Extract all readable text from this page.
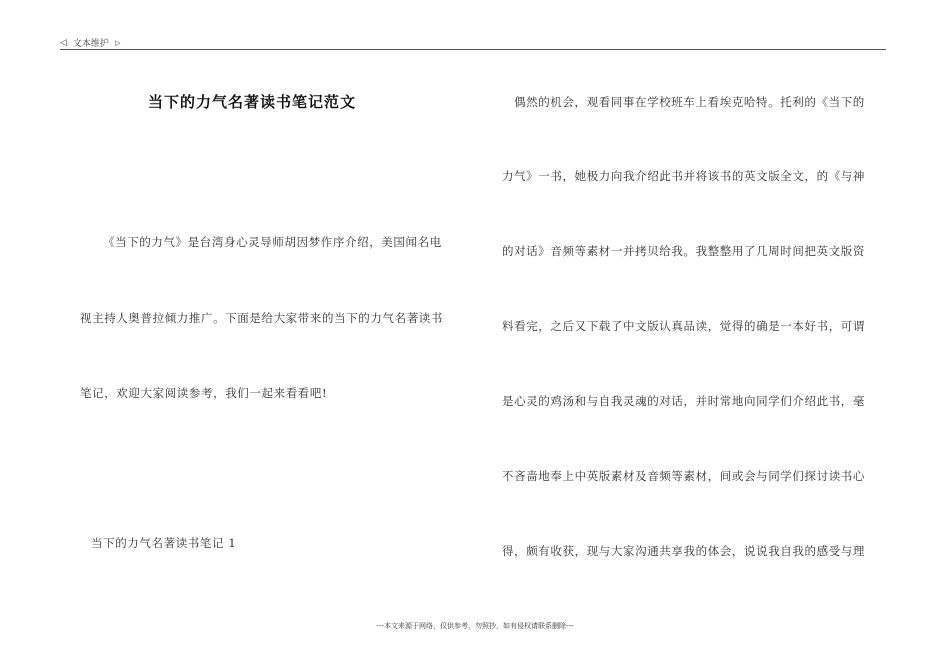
◁ 文本维护 ▷
当下的力气名著读书笔记范文
《当下的力气》是台湾身心灵导师胡因梦作序介绍，美国闻名电
视主持人奥普拉倾力推广。下面是给大家带来的当下的力气名著读书
笔记，欢迎大家阅读参考，我们一起来看看吧!
当下的力气名著读书笔记 1
偶然的机会，观看同事在学校班车上看埃克哈特。托利的《当下的
力气》一书，她极力向我介绍此书并将该书的英文版全文，的《与神
的对话》音频等素材一并拷贝给我。我整整用了几周时间把英文版资
料看完，之后又下载了中文版认真品读，觉得的确是一本好书，可谓
是心灵的鸡汤和与自我灵魂的对话，并时常地向同学们介绍此书，毫
不吝啬地奉上中英版素材及音频等素材，间或会与同学们探讨读书心
得，颇有收获，现与大家沟通共享我的体会，说说我自我的感受与理
---本文来源于网络，仅供参考，勿照抄，如有侵权请联系删除---
